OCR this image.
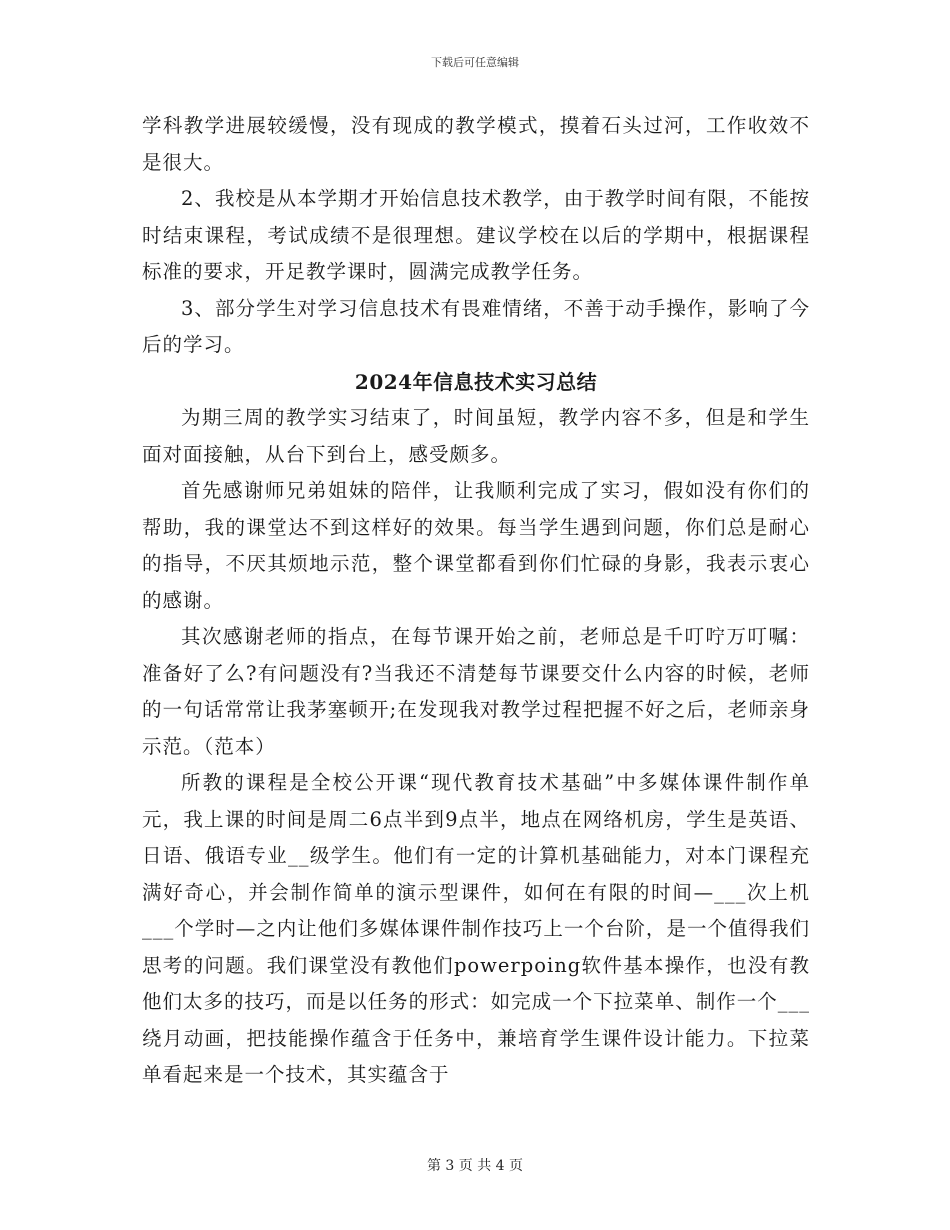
下载后可任意编辑

学科教学进展较缓慢，没有现成的教学模式，摸着石头过河，工作收效不是很大。

2、我校是从本学期才开始信息技术教学，由于教学时间有限，不能按时结束课程，考试成绩不是很理想。建议学校在以后的学期中，根据课程标准的要求，开足教学课时，圆满完成教学任务。

3、部分学生对学习信息技术有畏难情绪，不善于动手操作，影响了今后的学习。

2024年信息技术实习总结

为期三周的教学实习结束了，时间虽短，教学内容不多，但是和学生面对面接触，从台下到台上，感受颇多。

首先感谢师兄弟姐妹的陪伴，让我顺利完成了实习，假如没有你们的帮助，我的课堂达不到这样好的效果。每当学生遇到问题，你们总是耐心的指导，不厌其烦地示范，整个课堂都看到你们忙碌的身影，我表示衷心的感谢。

其次感谢老师的指点，在每节课开始之前，老师总是千叮咛万叮嘱：准备好了么?有问题没有?当我还不清楚每节课要交什么内容的时候，老师的一句话常常让我茅塞顿开;在发现我对教学过程把握不好之后，老师亲身示范。（范本）

所教的课程是全校公开课“现代教育技术基础”中多媒体课件制作单元，我上课的时间是周二6点半到9点半，地点在网络机房，学生是英语、日语、俄语专业__级学生。他们有一定的计算机基础能力，对本门课程充满好奇心，并会制作简单的演示型课件，如何在有限的时间—___次上机___个学时—之内让他们多媒体课件制作技巧上一个台阶，是一个值得我们思考的问题。我们课堂没有教他们powerpoing软件基本操作，也没有教他们太多的技巧，而是以任务的形式：如完成一个下拉菜单、制作一个___绕月动画，把技能操作蕴含于任务中，兼培育学生课件设计能力。下拉菜单看起来是一个技术，其实蕴含于

第 3 页 共 4 页
